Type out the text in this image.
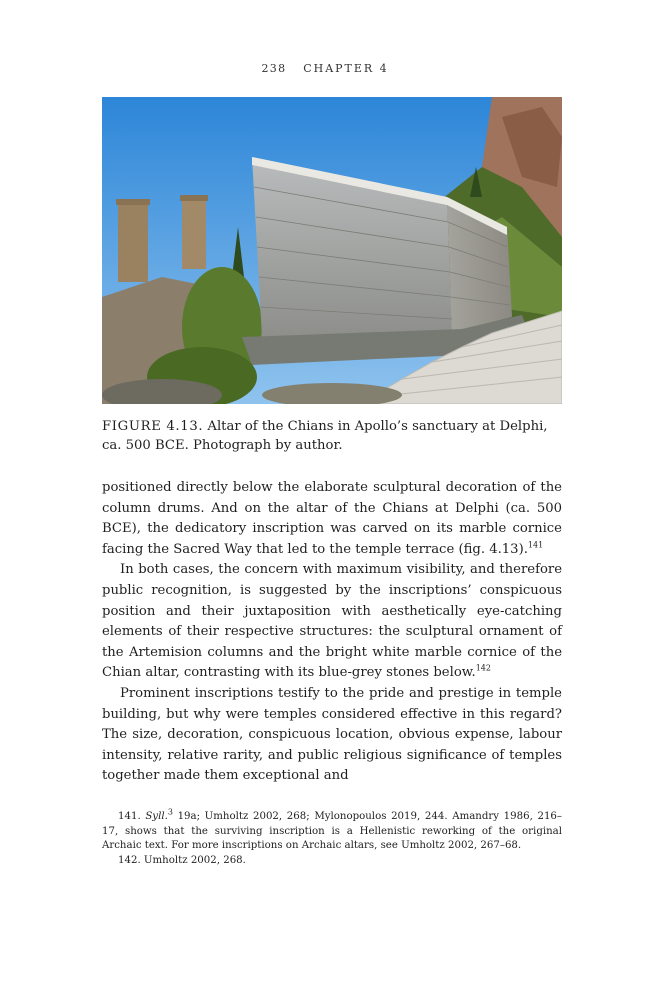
238 CHAPTER 4
FIGURE 4.13. Altar of the Chians in Apollo’s sanctuary at Delphi, ca. 500 BCE. Photograph by author.

positioned directly below the elaborate sculptural decoration of the column drums. And on the altar of the Chians at Delphi (ca. 500 BCE), the dedicatory inscription was carved on its marble cornice facing the Sacred Way that led to the temple terrace (fig. 4.13).$^{141}$

In both cases, the concern with maximum visibility, and therefore public recognition, is suggested by the inscriptions’ conspicuous position and their juxtaposition with aesthetically eye-catching elements of their respective structures: the sculptural ornament of the Artemision columns and the bright white marble cornice of the Chian altar, contrasting with its blue-grey stones below.$^{142}$

Prominent inscriptions testify to the pride and prestige in temple building, but why were temples considered effective in this regard? The size, decoration, conspicuous location, obvious expense, labour intensity, relative rarity, and public religious significance of temples together made them exceptional and

141. Syll.$^3$ 19a; Umholtz 2002, 268; Mylonopoulos 2019, 244. Amandry 1986, 216–17, shows that the surviving inscription is a Hellenistic reworking of the original Archaic text. For more inscriptions on Archaic altars, see Umholtz 2002, 267–68.

142. Umholtz 2002, 268.
